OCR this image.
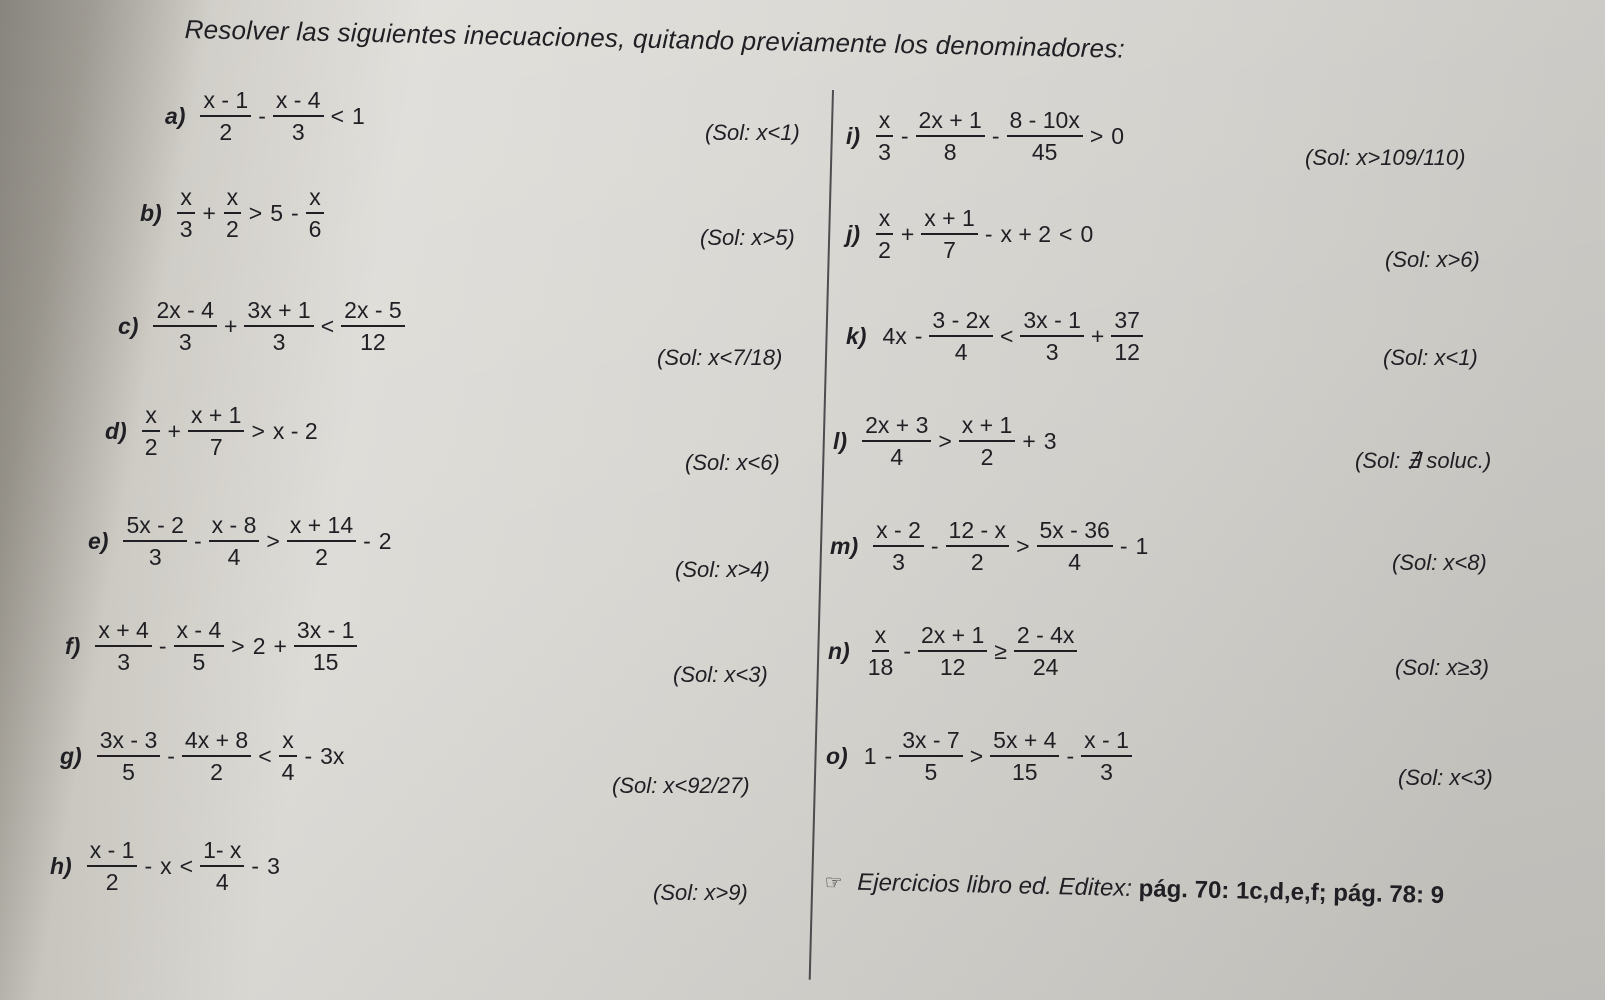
Resolver las siguientes inecuaciones, quitando previamente los denominadores:
$a) \frac{x - 1}{2} - \frac{x - 4}{3} < 1$
(Sol: x<1)
$b) \frac{x}{3} + \frac{x}{2} > 5 - \frac{x}{6}$	(Sol: x>5)
$c) \frac{2x - 4}{3} + \frac{3x + 1}{3} < \frac{2x - 5}{12}$
(Sol: x<7/18)
$d) \frac{x}{2} + \frac{x + 1}{7} > x - 2$
(Sol: x<6)
$e) \frac{5x - 2}{3} - \frac{x - 8}{4} > \frac{x + 14}{2} - 2$
(Sol: x>4)
$f) \frac{x + 4}{3} - \frac{x - 4}{5} > 2 + \frac{3x - 1}{15}$	(Sol: x<3)
$g) \frac{3x - 3}{5} - \frac{4x + 8}{2} < \frac{x}{4} - 3x$
(Sol: x<92/27)
$h) \frac{x - 1}{2} - x < \frac{1- x}{4} - 3$
(Sol: x>9)
$i) \frac{x}{3} - \frac{2x + 1}{8} - \frac{8 - 10x}{45} > 0$
(Sol: x>109/110)
$j) \frac{x}{2} + \frac{x + 1}{7} - x + 2 < 0$
(Sol: x>6)
k) $4x - \frac{3 - 2x}{4} < \frac{3x - 1}{3} + \frac{37}{12}$	(Sol: x<1)
$l) \frac{2x + 3}{4} > \frac{x + 1}{2} + 3$
(Sol: ∄ soluc.)
$m) \frac{x - 2}{3} - \frac{12 - x}{2} > \frac{5x - 36}{4} - 1$
(Sol: x<8)
$n) \frac{x}{18} - \frac{2x + 1}{12} \ge \frac{2 - 4x}{24}$	(Sol: x≥3)
o) $1 - \frac{3x - 7}{5} > \frac{5x + 4}{15} - \frac{x - 1}{3}$	(Sol: x<3)
☞ Ejercicios libro ed. Editex: pág. 70: 1c,d,e,f; pág. 78: 9
